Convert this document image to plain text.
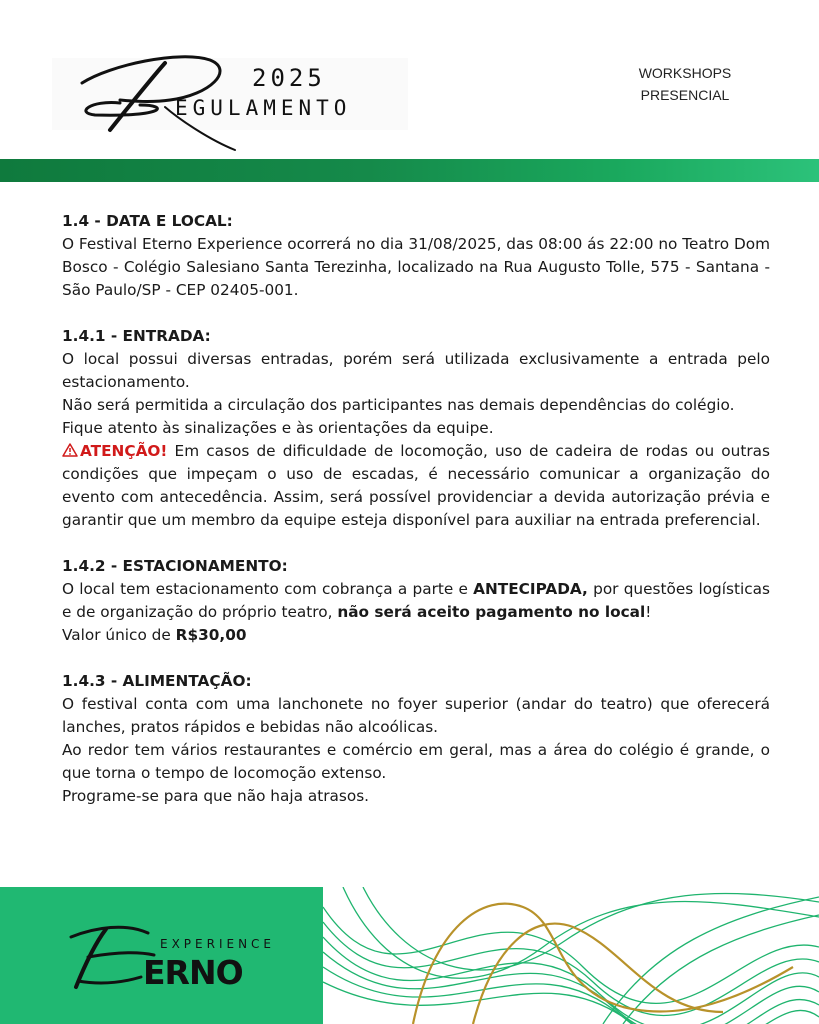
2025
EGULAMENTO
WORKSHOPS
PRESENCIAL
1.4 - DATA E LOCAL:

O Festival Eterno Experience ocorrerá no dia 31/08/2025, das 08:00 ás 22:00 no Teatro Dom Bosco - Colégio Salesiano Santa Terezinha, localizado na Rua Augusto Tolle, 575 - Santana - São Paulo/SP - CEP 02405-001.

1.4.1 - ENTRADA:

O local possui diversas entradas, porém será utilizada exclusivamente a entrada pelo estacionamento.

Não será permitida a circulação dos participantes nas demais dependências do colégio.

Fique atento às sinalizações e às orientações da equipe.

ATENÇÃO! Em casos de dificuldade de locomoção, uso de cadeira de rodas ou outras condições que impeçam o uso de escadas, é necessário comunicar a organização do evento com antecedência. Assim, será possível providenciar a devida autorização prévia e garantir que um membro da equipe esteja disponível para auxiliar na entrada preferencial.

1.4.2 - ESTACIONAMENTO:

O local tem estacionamento com cobrança a parte e ANTECIPADA, por questões logísticas e de organização do próprio teatro, não será aceito pagamento no local!

Valor único de R$30,00

1.4.3 - ALIMENTAÇÃO:

O festival conta com uma lanchonete no foyer superior (andar do teatro) que oferecerá lanches, pratos rápidos e bebidas não alcoólicas.

Ao redor tem vários restaurantes e comércio em geral, mas a área do colégio é grande, o que torna o tempo de locomoção extenso.

Programe-se para que não haja atrasos.

EXPERIENCE
ERNO
